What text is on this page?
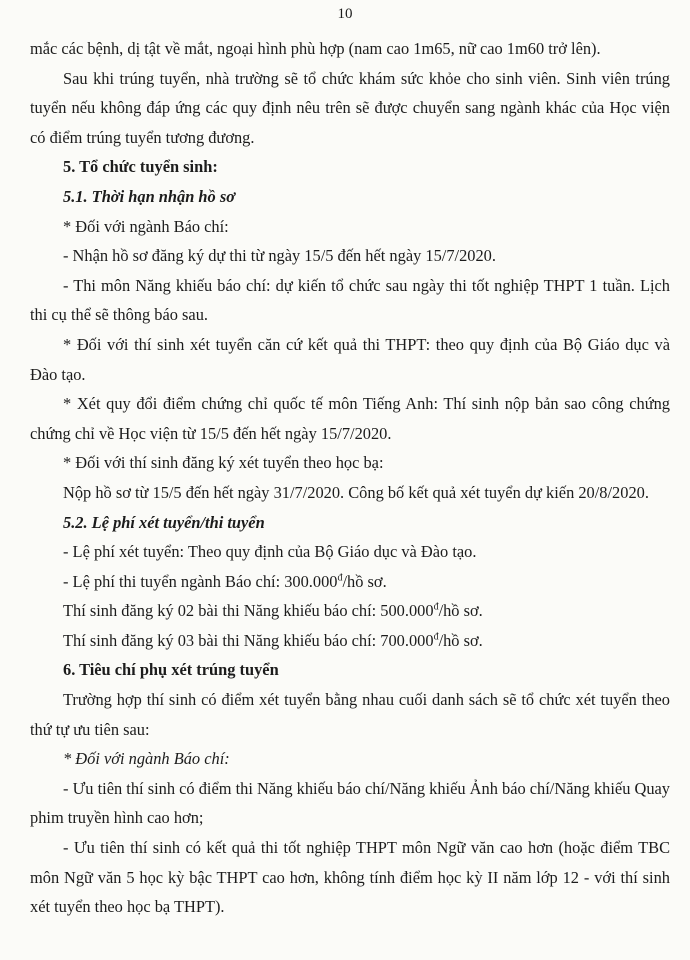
10

mắc các bệnh, dị tật về mắt, ngoại hình phù hợp (nam cao 1m65, nữ cao 1m60 trở lên).

Sau khi trúng tuyển, nhà trường sẽ tổ chức khám sức khỏe cho sinh viên. Sinh viên trúng tuyển nếu không đáp ứng các quy định nêu trên sẽ được chuyển sang ngành khác của Học viện có điểm trúng tuyển tương đương.

5. Tổ chức tuyển sinh:

5.1. Thời hạn nhận hồ sơ

* Đối với ngành Báo chí:

- Nhận hồ sơ đăng ký dự thi từ ngày 15/5 đến hết ngày 15/7/2020.

- Thi môn Năng khiếu báo chí: dự kiến tổ chức sau ngày thi tốt nghiệp THPT 1 tuần. Lịch thi cụ thể sẽ thông báo sau.

* Đối với thí sinh xét tuyển căn cứ kết quả thi THPT: theo quy định của Bộ Giáo dục và Đào tạo.

* Xét quy đổi điểm chứng chỉ quốc tế môn Tiếng Anh: Thí sinh nộp bản sao công chứng chứng chỉ về Học viện từ 15/5 đến hết ngày 15/7/2020.

* Đối với thí sinh đăng ký xét tuyển theo học bạ:

Nộp hồ sơ từ 15/5 đến hết ngày 31/7/2020. Công bố kết quả xét tuyển dự kiến 20/8/2020.

5.2. Lệ phí xét tuyển/thi tuyển

- Lệ phí xét tuyển: Theo quy định của Bộ Giáo dục và Đào tạo.

- Lệ phí thi tuyển ngành Báo chí: $300.000^đ/hồ$ sơ.

Thí sinh đăng ký 02 bài thi Năng khiếu báo chí: $500.000^đ/hồ$ sơ.

Thí sinh đăng ký 03 bài thi Năng khiếu báo chí: $700.000^đ/hồ$ sơ.

6. Tiêu chí phụ xét trúng tuyển

Trường hợp thí sinh có điểm xét tuyển bằng nhau cuối danh sách sẽ tổ chức xét tuyển theo thứ tự ưu tiên sau:

* Đối với ngành Báo chí:

- Ưu tiên thí sinh có điểm thi Năng khiếu báo chí/Năng khiếu Ảnh báo chí/Năng khiếu Quay phim truyền hình cao hơn;

- Ưu tiên thí sinh có kết quả thi tốt nghiệp THPT môn Ngữ văn cao hơn (hoặc điểm TBC môn Ngữ văn 5 học kỳ bậc THPT cao hơn, không tính điểm học kỳ II năm lớp 12 - với thí sinh xét tuyển theo học bạ THPT).
